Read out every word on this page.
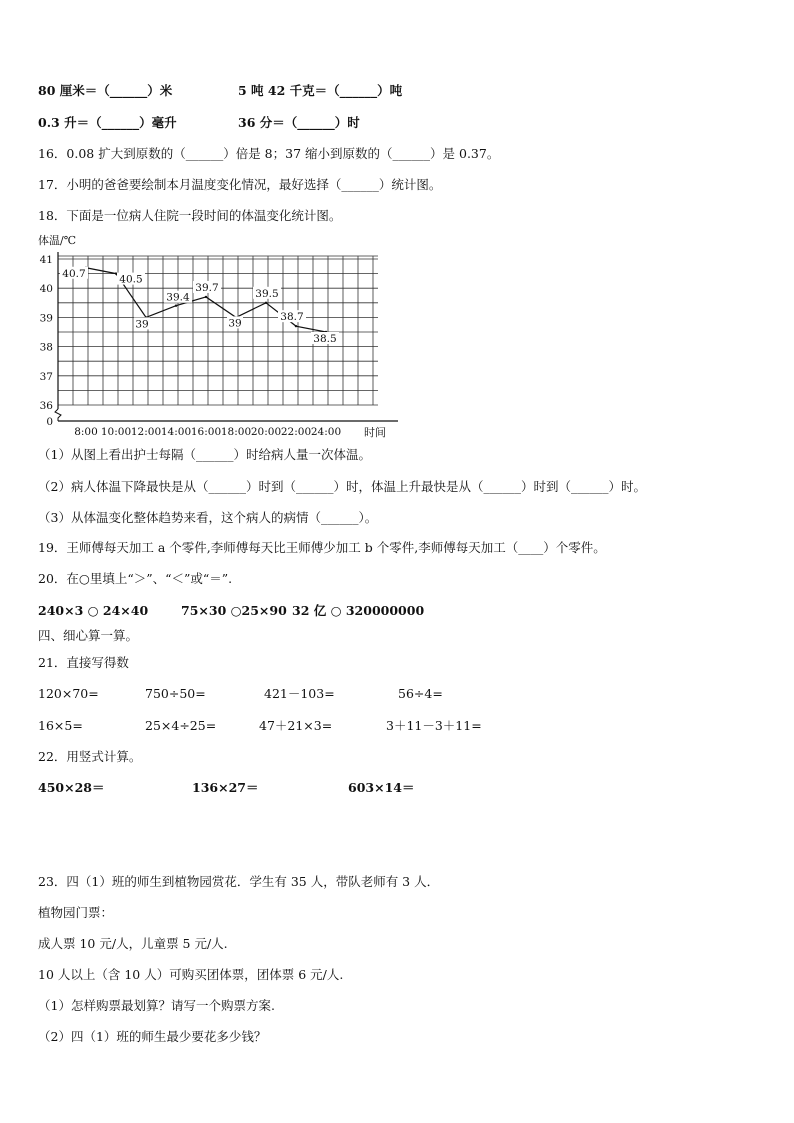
80 厘米＝（______）米	5 吨 42 千克＝（______）吨
0.3 升＝（______）毫升	36 分＝（______）时
16．0.08 扩大到原数的（______）倍是 8；37 缩小到原数的（______）是 0.37。
17．小明的爸爸要绘制本月温度变化情况，最好选择（______）统计图。
18．下面是一位病人住院一段时间的体温变化统计图。
体温/℃
时间
41
40
39
38
37
36
0
8:00 10:00 12:00 14:00 16:00 18:00 20:00 22:00 24:00
40.7	40.5
39
39.4
39.7
39
39.5
38.7
38.5
（1）从图上看出护士每隔（______）时给病人量一次体温。
（2）病人体温下降最快是从（______）时到（______）时，体温上升最快是从（______）时到（______）时。
（3）从体温变化整体趋势来看，这个病人的病情（______）。
19．王师傅每天加工 a 个零件,李师傅每天比王师傅少加工 b 个零件,李师傅每天加工（____）个零件。
20．在○里填上“＞”、“＜”或“＝”.
240×3 ○ 24×40	75×30 ○25×90 32 亿 ○ 320000000
四、细心算一算。
21．直接写得数
120×70=	750÷50=	421－103=	56÷4=
16×5=	25×4÷25=	47＋21×3=	3＋11－3＋11=
22．用竖式计算。
450×28＝	136×27＝	603×14＝
23．四（1）班的师生到植物园赏花．学生有 35 人，带队老师有 3 人．
植物园门票：
成人票 10 元/人，儿童票 5 元/人.
10 人以上（含 10 人）可购买团体票，团体票 6 元/人.
（1）怎样购票最划算？请写一个购票方案.
（2）四（1）班的师生最少要花多少钱？
